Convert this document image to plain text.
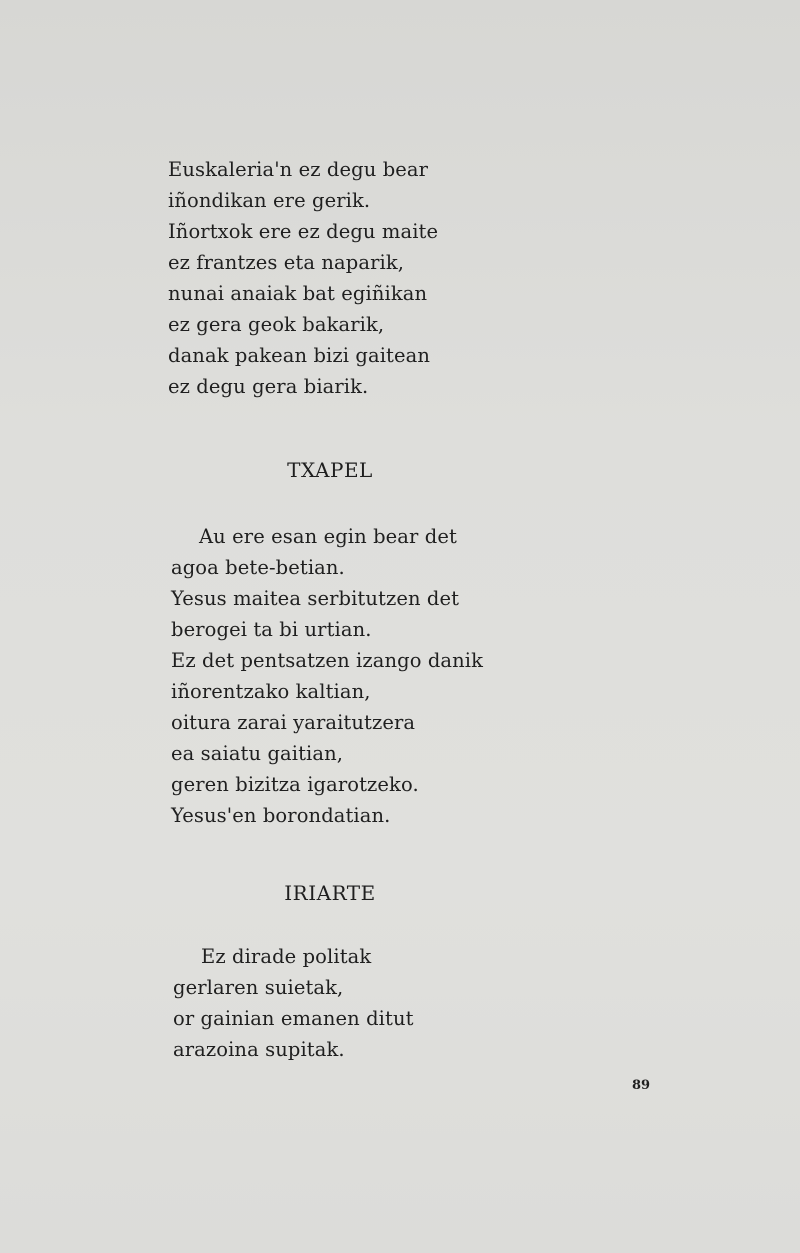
Euskaleria'n ez degu bear
iñondikan ere gerik.
Iñortxok ere ez degu maite
ez frantzes eta naparik,
nunai anaiak bat egiñikan
ez gera geok bakarik,
danak pakean bizi gaitean
ez degu gera biarik.
TXAPEL
Au ere esan egin bear det
agoa bete-betian.
Yesus maitea serbitutzen det
berogei ta bi urtian.
Ez det pentsatzen izango danik
iñorentzako kaltian,
oitura zarai yaraitutzera
ea saiatu gaitian,
geren bizitza igarotzeko.
Yesus'en borondatian.
IRIARTE
Ez dirade politak
gerlaren suietak,
or gainian emanen ditut
arazoina supitak.
89
